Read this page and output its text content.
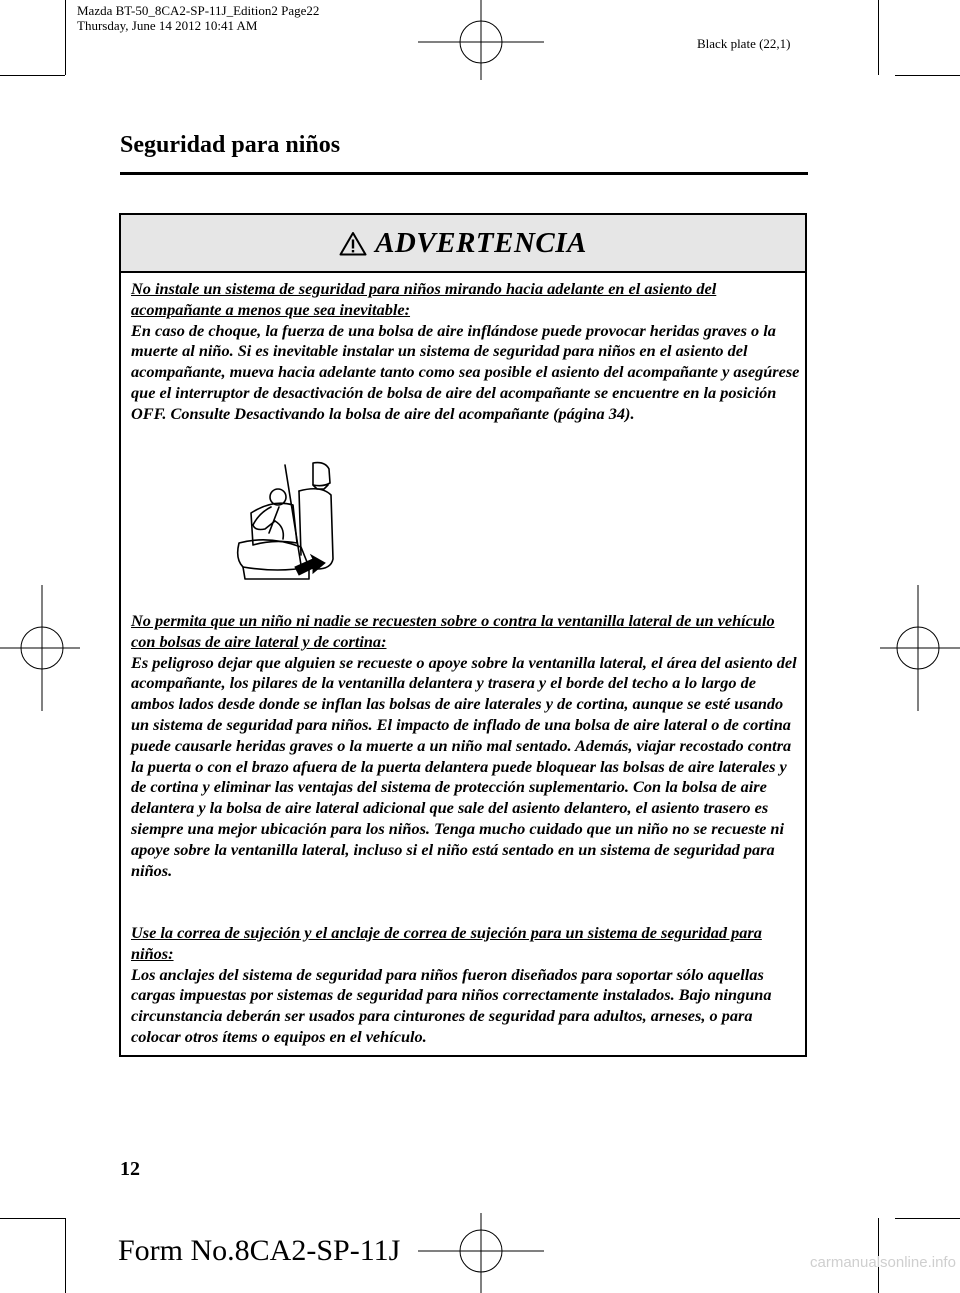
Mazda BT-50_8CA2-SP-11J_Edition2 Page22
Thursday, June 14 2012 10:41 AM
Black plate (22,1)
Seguridad para niños
ADVERTENCIA
No instale un sistema de seguridad para niños mirando hacia adelante en el asiento del acompañante a menos que sea inevitable:
En caso de choque, la fuerza de una bolsa de aire inflándose puede provocar heridas graves o la muerte al niño. Si es inevitable instalar un sistema de seguridad para niños en el asiento del acompañante, mueva hacia adelante tanto como sea posible el asiento del acompañante y asegúrese que el interruptor de desactivación de bolsa de aire del acompañante se encuentre en la posición OFF. Consulte Desactivando la bolsa de aire del acompañante (página 34).
No permita que un niño ni nadie se recuesten sobre o contra la ventanilla lateral de un vehículo con bolsas de aire lateral y de cortina:
Es peligroso dejar que alguien se recueste o apoye sobre la ventanilla lateral, el área del asiento del acompañante, los pilares de la ventanilla delantera y trasera y el borde del techo a lo largo de ambos lados desde donde se inflan las bolsas de aire laterales y de cortina, aunque se esté usando un sistema de seguridad para niños. El impacto de inflado de una bolsa de aire lateral o de cortina puede causarle heridas graves o la muerte a un niño mal sentado. Además, viajar recostado contra la puerta o con el brazo afuera de la puerta delantera puede bloquear las bolsas de aire laterales y de cortina y eliminar las ventajas del sistema de protección suplementario. Con la bolsa de aire delantera y la bolsa de aire lateral adicional que sale del asiento delantero, el asiento trasero es siempre una mejor ubicación para los niños. Tenga mucho cuidado que un niño no se recueste ni apoye sobre la ventanilla lateral, incluso si el niño está sentado en un sistema de seguridad para niños.
Use la correa de sujeción y el anclaje de correa de sujeción para un sistema de seguridad para niños:
Los anclajes del sistema de seguridad para niños fueron diseñados para soportar sólo aquellas cargas impuestas por sistemas de seguridad para niños correctamente instalados. Bajo ninguna circunstancia deberán ser usados para cinturones de seguridad para adultos, arneses, o para colocar otros ítems o equipos en el vehículo.
12
Form No.8CA2-SP-11J	carmanualsonline.info
